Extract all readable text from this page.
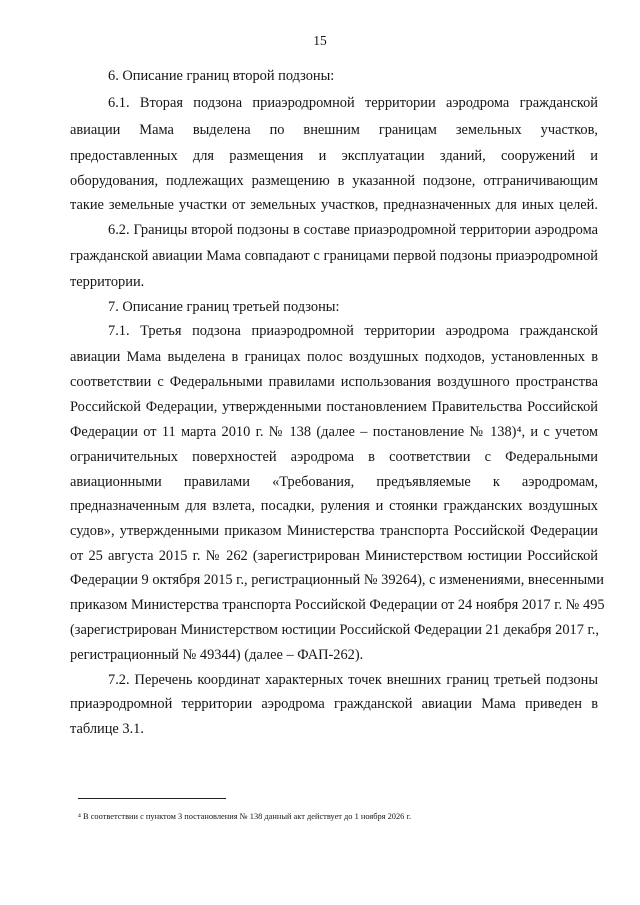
15
6. Описание границ второй подзоны:
6.1. Вторая подзона приаэродромной территории аэродрома гражданской
авиации Мама выделена по внешним границам земельных участков,
предоставленных для размещения и эксплуатации зданий, сооружений и
оборудования, подлежащих размещению в указанной подзоне, отграничивающим
такие земельные участки от земельных участков, предназначенных для иных целей.
6.2. Границы второй подзоны в составе приаэродромной территории аэродрома
гражданской авиации Мама совпадают с границами первой подзоны приаэродромной
территории.
7. Описание границ третьей подзоны:
7.1. Третья подзона приаэродромной территории аэродрома гражданской
авиации Мама выделена в границах полос воздушных подходов, установленных в
соответствии с Федеральными правилами использования воздушного пространства
Российской Федерации, утвержденными постановлением Правительства Российской
Федерации от 11 марта 2010 г. № 138 (далее – постановление № 138)⁴, и с учетом
ограничительных поверхностей аэродрома в соответствии с Федеральными
авиационными правилами «Требования, предъявляемые к аэродромам,
предназначенным для взлета, посадки, руления и стоянки гражданских воздушных
судов», утвержденными приказом Министерства транспорта Российской Федерации
от 25 августа 2015 г. № 262 (зарегистрирован Министерством юстиции Российской
Федерации 9 октября 2015 г., регистрационный № 39264), с изменениями, внесенными
приказом Министерства транспорта Российской Федерации от 24 ноября 2017 г. № 495
(зарегистрирован Министерством юстиции Российской Федерации 21 декабря 2017 г.,
регистрационный № 49344) (далее – ФАП-262).
7.2. Перечень координат характерных точек внешних границ третьей подзоны
приаэродромной территории аэродрома гражданской авиации Мама приведен в
таблице 3.1.
⁴ В соответствии с пунктом 3 постановления № 138 данный акт действует до 1 ноября 2026 г.
